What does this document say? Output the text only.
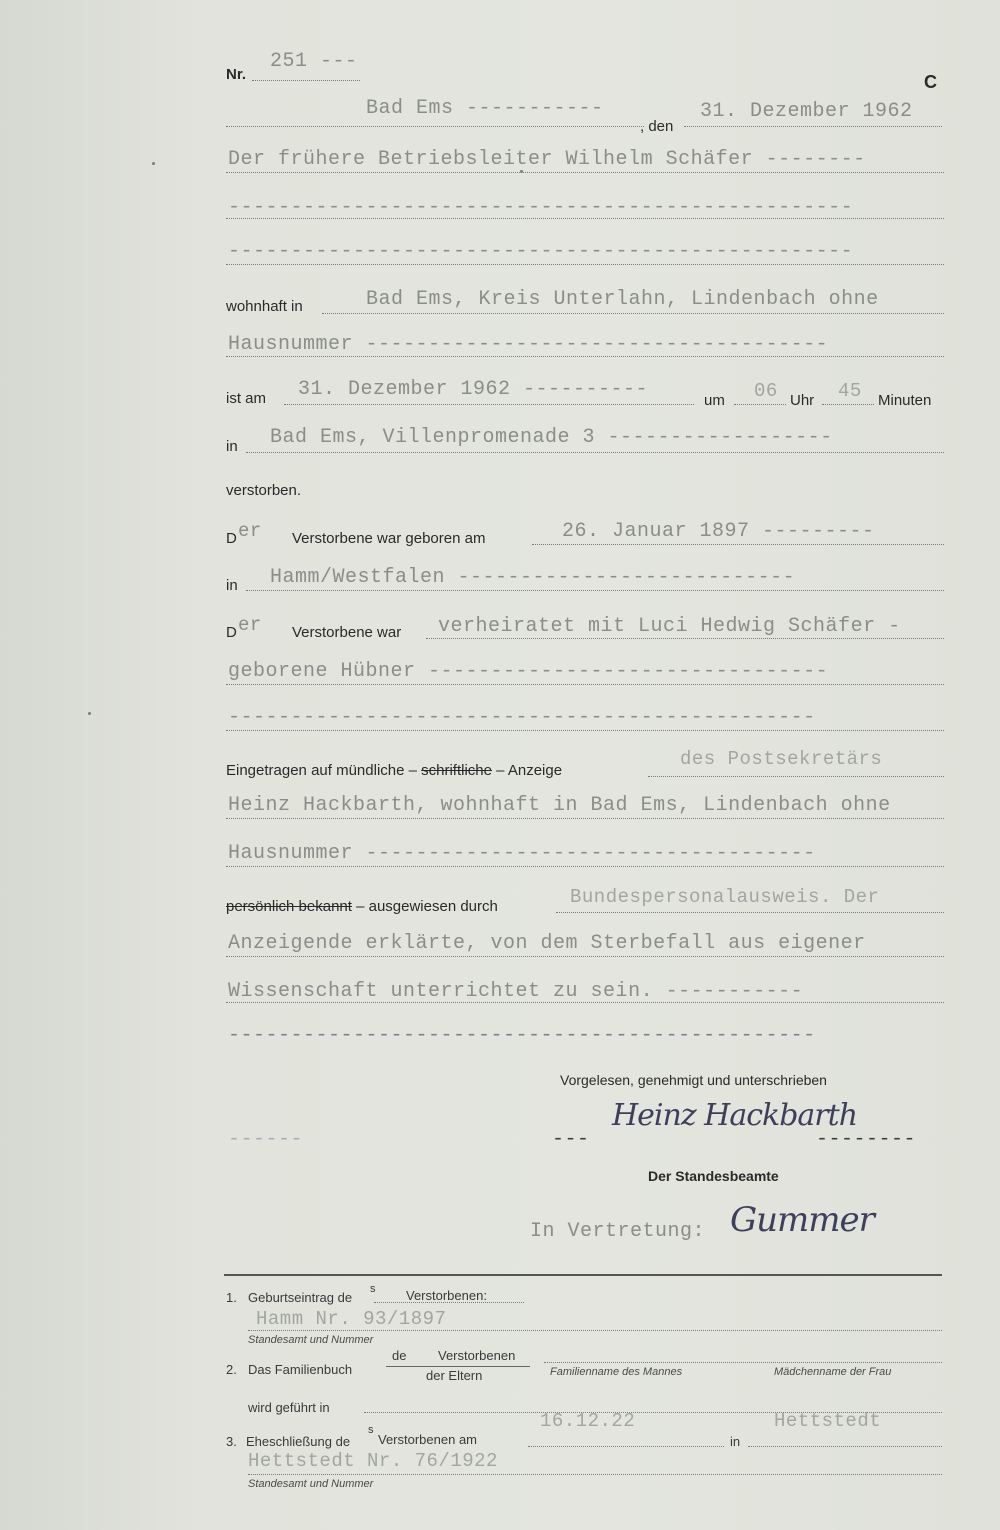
Nr.
251 ---
C
Bad Ems -----------
, den
31. Dezember 1962
Der frühere Betriebsleiter Wilhelm Schäfer --------
--------------------------------------------------
--------------------------------------------------
wohnhaft in	Bad Ems, Kreis Unterlahn, Lindenbach ohne
Hausnummer -------------------------------------
ist am 31. Dezember 1962 ----------	um 06 Uhr 45 Minuten
in Bad Ems, Villenpromenade 3 ------------------
verstorben.
D er Verstorbene war geboren am	26. Januar 1897 ---------
in Hamm/Westfalen ---------------------------
D er Verstorbene war verheiratet mit Luci Hedwig Schäfer -
geborene Hübner --------------------------------
-----------------------------------------------
Eingetragen auf mündliche – schriftliche – Anzeige
des Postsekretärs
Heinz Hackbarth, wohnhaft in Bad Ems, Lindenbach ohne
Hausnummer ------------------------------------
persönlich bekannt – ausgewiesen durch	Bundespersonalausweis. Der
Anzeigende erklärte, von dem Sterbefall aus eigener
Wissenschaft unterrichtet zu sein. -----------
-----------------------------------------------
Vorgelesen, genehmigt und unterschrieben
------	---
Heinz Hackbarth
--------
Der Standesbeamte
In Vertretung: Gummer
1. Geburtseintrag de
s Verstorbenen:
Hamm Nr. 93/1897
Standesamt und Nummer
2. Das Familienbuch
de Verstorbenen
der Eltern	Familienname des Mannes	Mädchenname der Frau
wird geführt in
3. Eheschließung de
s
Verstorbenen am
16.12.22
in
Hettstedt
Hettstedt Nr. 76/1922
Standesamt und Nummer
